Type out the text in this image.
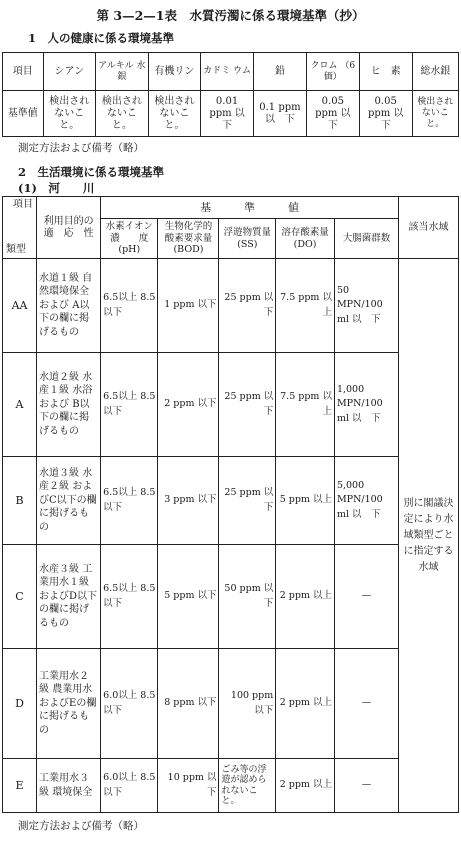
第 3—2—1表　水質汚濁に係る環境基準（抄）
1　人の健康に係る環境基準
項目	シアン	アルキル 水　銀	有機リン	カドミ ウム	鉛	クロム （6 価）	ヒ　素	総水銀
基準値	検出され ないこと。	検出され ないこと。	検出され ないこと。	0.01 ppm 以　下	0.1 ppm 以　下	0.05 ppm 以　下	0.05 ppm 以　下	検出され ないこと。
測定方法および備考（略）
2　生活環境に係る環境基準
(1)　河　　川
項目
類型	利用目的の 適　応　性	基　　　準　　　値					該当水域
		水素イオン 濃　　度 (pH)	生物化学的 酸素要求量 (BOD)	浮遊物質量 (SS)	溶存酸素量 (DO)	大腸菌群数	
AA	水道１級 自然環境保全および A以下の欄に掲げるもの	6.5以上 8.5以下	1 ppm 以下	25 ppm 以下	7.5 ppm 以上	50 MPN/100 ml 以　下	別に閣議決定により水域類型ごとに指定する水域
A	水道２級 水産１級 水浴および B以下の欄に掲げるもの	6.5以上 8.5以下	2 ppm 以下	25 ppm 以下	7.5 ppm 以上	1,000 MPN/100 ml 以　下	
B	水道３級 水産２級 およびC以下の欄に掲げるもの	6.5以上 8.5以下	3 ppm 以下	25 ppm 以下	5 ppm 以上	5,000 MPN/100 ml 以　下	
C	水産３級 工業用水１級 およびD以下の欄に掲げるもの	6.5以上 8.5以下	5 ppm 以下	50 ppm 以下	2 ppm 以上	—	
D	工業用水２級 農業用水 およびEの欄に掲げるもの	6.0以上 8.5以下	8 ppm 以下	100 ppm 以下	2 ppm 以上	—	
E	工業用水３級 環境保全	6.0以上 8.5以下	10 ppm 以下	ごみ等の浮遊が認められないこと。	2 ppm 以上	—	
測定方法および備考（略）
